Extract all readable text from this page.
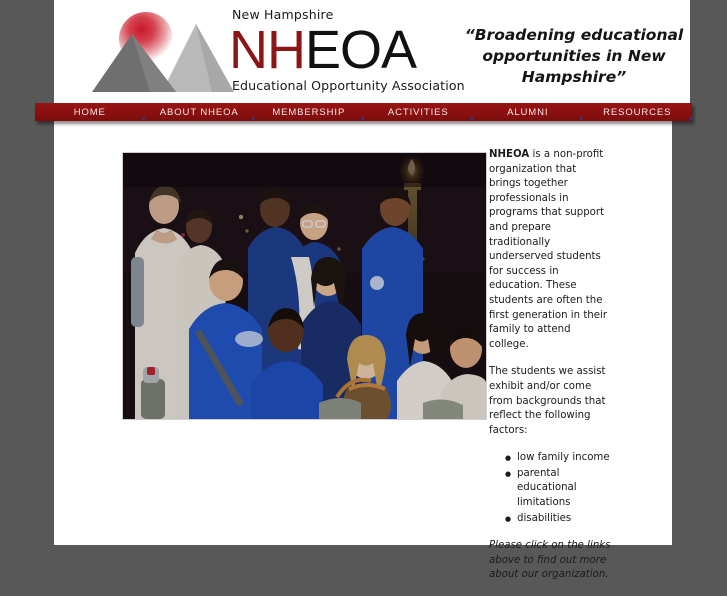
New Hampshire
NHEOA
Educational Opportunity Association
“Broadening educational opportunities in New Hampshire”
HOME
▾
ABOUT NHEOA
▾
MEMBERSHIP
▾
ACTIVITIES
▾
ALUMNI
▾
RESOURCES
▾

NHEOA is a non-profit organization that brings together professionals in programs that support and prepare traditionally underserved students for success in education. These students are often the first generation in their family to attend college.

The students we assist exhibit and/or come from backgrounds that reflect the following factors:

● low family income
● parental educational limitations
● disabilities

Please click on the links above to find out more about our organization.
